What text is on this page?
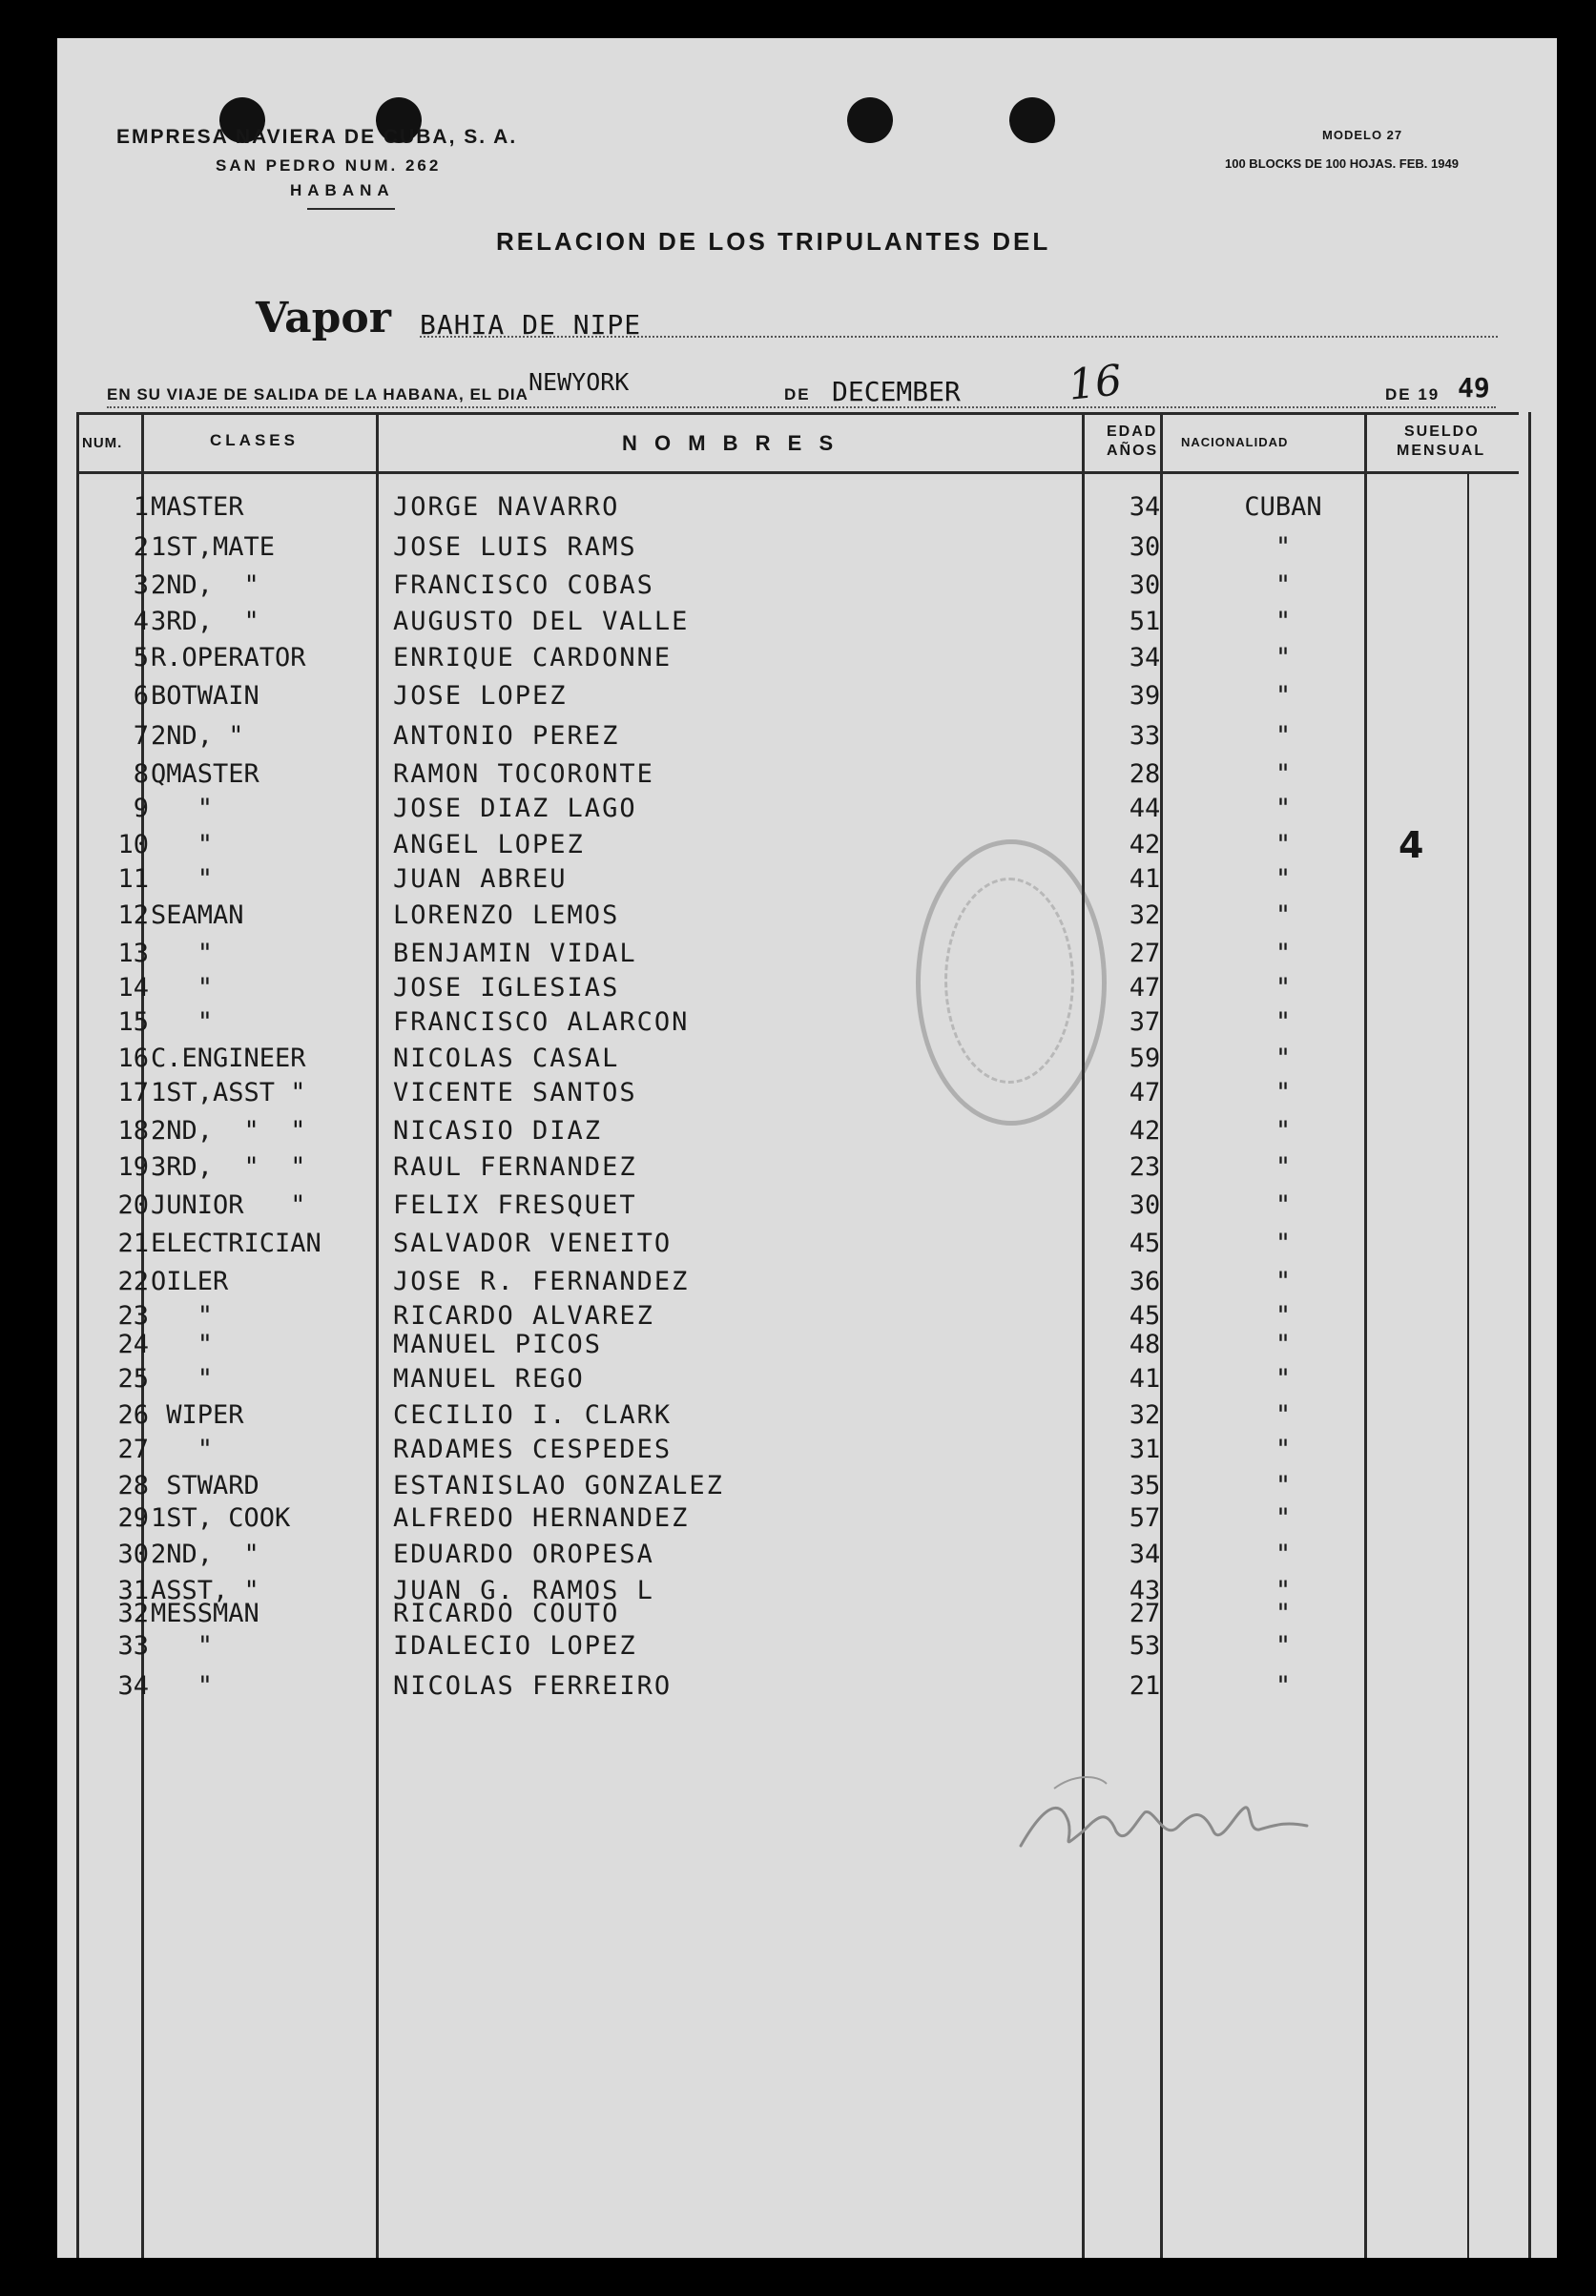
EMPRESA NAVIERA DE CUBA, S. A.
SAN PEDRO NUM. 262
HABANA
MODELO 27
100 BLOCKS DE 100 HOJAS. FEB. 1949
RELACION DE LOS TRIPULANTES DEL
Vapor BAHIA DE NIPE
EN SU VIAJE DE SALIDA DE LA HABANA, EL DIA NEWYORK	DE DECEMBER	16	DE 19 49
NUM.	CLASES	N O M B R E S	EDAD
AÑOS
NACIONALIDAD
SUELDO
MENSUAL
1 MASTER	JORGE NAVARRO	34	CUBAN
2 1ST,MATE	JOSE LUIS RAMS	30	"
3 2ND,  "	FRANCISCO COBAS	30	"
4 3RD,  "	AUGUSTO DEL VALLE	51	"
5 R.OPERATOR	ENRIQUE CARDONNE	34	"
6 BOTWAIN	JOSE LOPEZ	39	"
7 2ND, "	ANTONIO PEREZ	33	"
8 QMASTER	RAMON TOCORONTE	28	"
9 "	JOSE DIAZ LAGO	44	"
10 "	ANGEL LOPEZ	42	"
11 "	JUAN ABREU	41	"
12 SEAMAN	LORENZO LEMOS	32	"
13 "	BENJAMIN VIDAL	27	"
14 "	JOSE IGLESIAS	47	"
15 "	FRANCISCO ALARCON	37	"
16 C.ENGINEER	NICOLAS CASAL	59	"
17 1ST,ASST "	VICENTE SANTOS	47	"
18 2ND,  "  "	NICASIO DIAZ	42	"
19 3RD,  "  "	RAUL FERNANDEZ	23	"
20 JUNIOR   "	FELIX FRESQUET	30	"
21 ELECTRICIAN	SALVADOR VENEITO	45	"
22 OILER	JOSE R. FERNANDEZ	36	"
23 "	RICARDO ALVAREZ	45	"
24 "	MANUEL PICOS	48	"
25 "	MANUEL REGO	41	"
26 WIPER	CECILIO I. CLARK	32	"
27 "	RADAMES CESPEDES	31	"
28 STWARD	ESTANISLAO GONZALEZ	35	"
29 1ST, COOK	ALFREDO HERNANDEZ	57	"
30 2ND,  "	EDUARDO OROPESA	34	"
31 ASST, "	JUAN G. RAMOS L	43	"
32 MESSMAN	RICARDO COUTO	27	"
33 "	IDALECIO LOPEZ	53	"
34 "	NICOLAS FERREIRO	21	"
4
